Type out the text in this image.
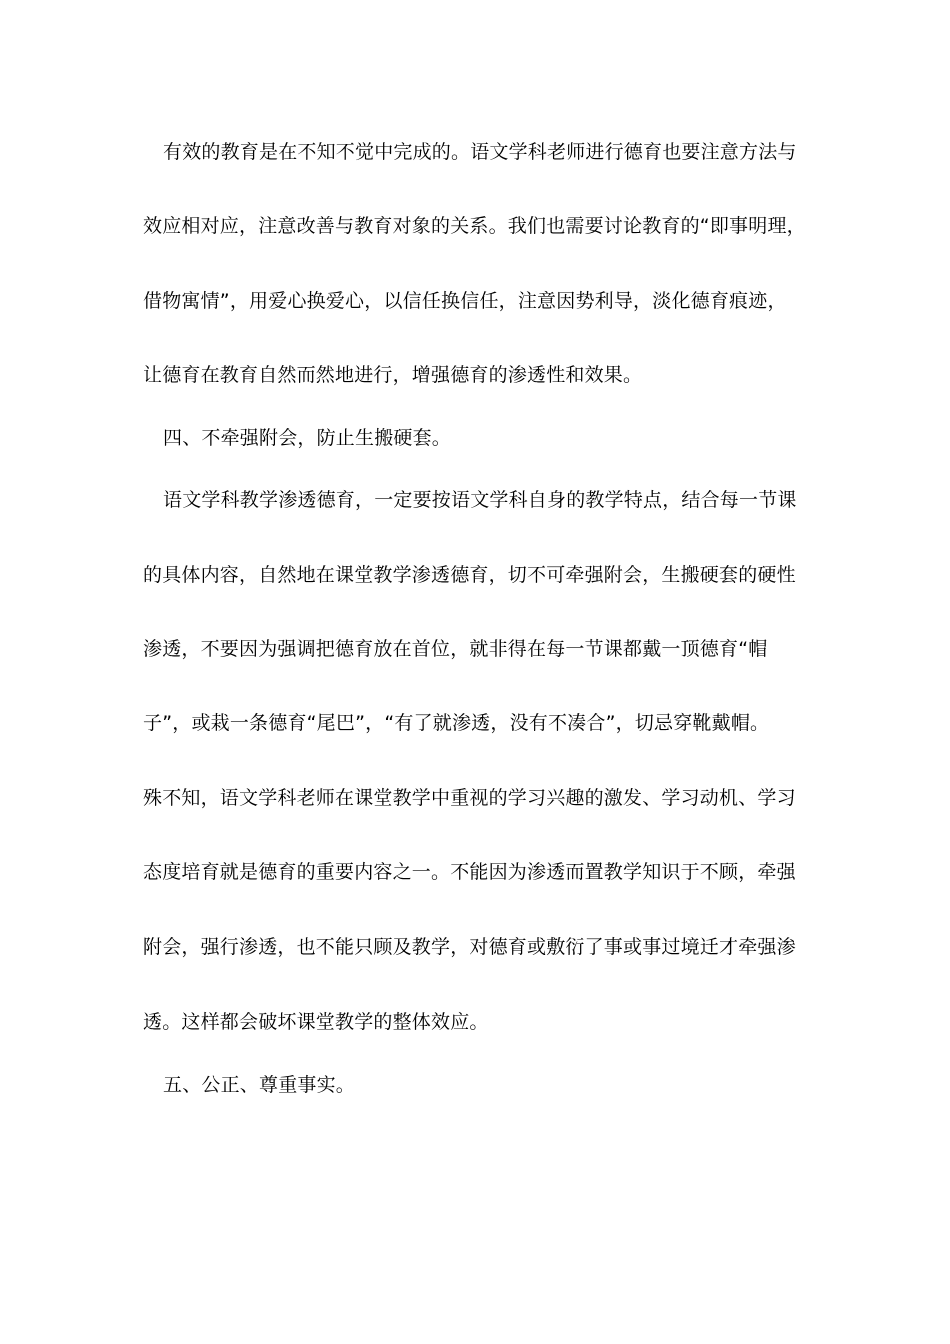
有效的教育是在不知不觉中完成的。语文学科老师进行德育也要注意方法与
效应相对应，注意改善与教育对象的关系。我们也需要讨论教育的“即事明理，
借物寓情”，用爱心换爱心，以信任换信任，注意因势利导，淡化德育痕迹，
让德育在教育自然而然地进行，增强德育的渗透性和效果。
四、不牵强附会，防止生搬硬套。
语文学科教学渗透德育，一定要按语文学科自身的教学特点，结合每一节课
的具体内容，自然地在课堂教学渗透德育，切不可牵强附会，生搬硬套的硬性
渗透，不要因为强调把德育放在首位，就非得在每一节课都戴一顶德育“帽
子”，或栽一条德育“尾巴”，“有了就渗透，没有不凑合”，切忌穿靴戴帽。
殊不知，语文学科老师在课堂教学中重视的学习兴趣的激发、学习动机、学习
态度培育就是德育的重要内容之一。不能因为渗透而置教学知识于不顾，牵强
附会，强行渗透，也不能只顾及教学，对德育或敷衍了事或事过境迁才牵强渗
透。这样都会破坏课堂教学的整体效应。
五、公正、尊重事实。
